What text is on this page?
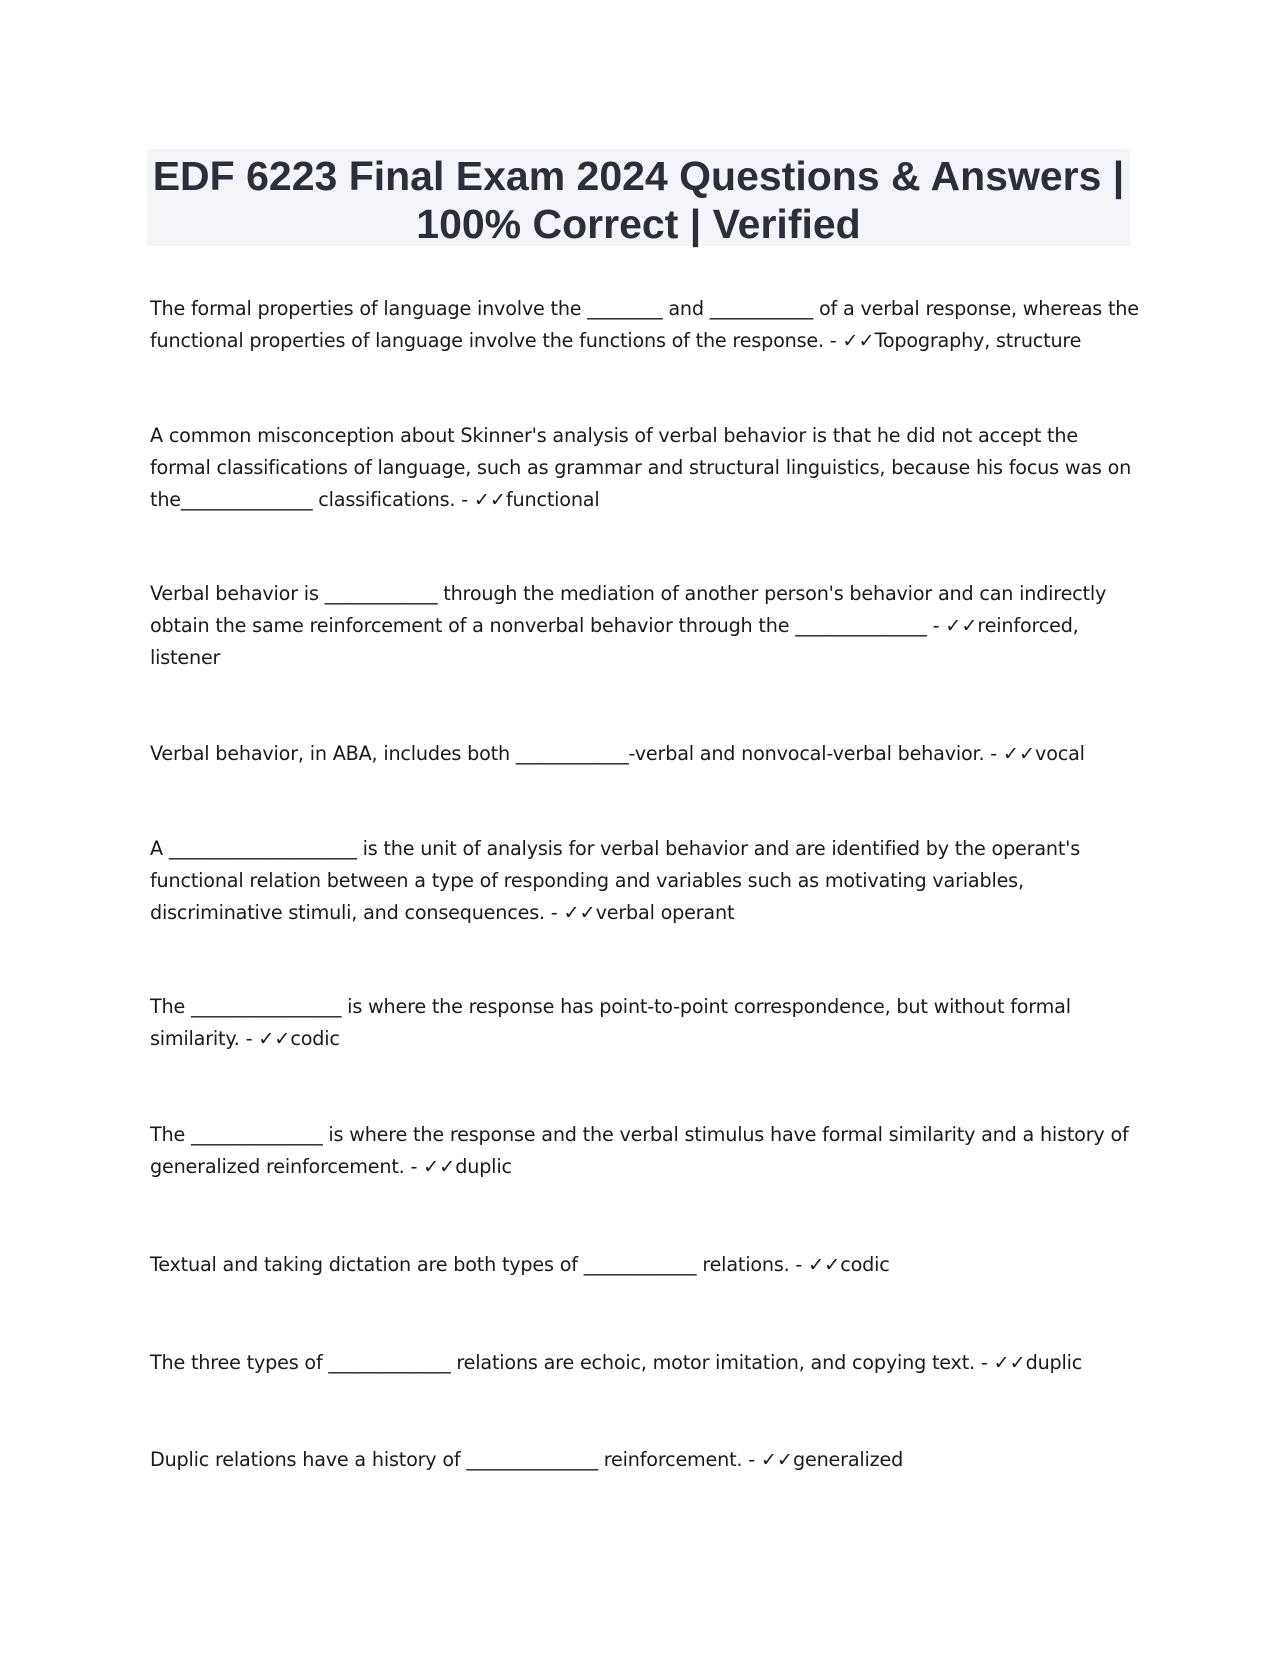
EDF 6223 Final Exam 2024 Questions & Answers | 100% Correct | Verified

The formal properties of language involve the ________ and ___________ of a verbal response, whereas the functional properties of language involve the functions of the response. - ✓✓Topography, structure

A common misconception about Skinner's analysis of verbal behavior is that he did not accept the formal classifications of language, such as grammar and structural linguistics, because his focus was on the______________ classifications. - ✓✓functional

Verbal behavior is ____________ through the mediation of another person's behavior and can indirectly obtain the same reinforcement of a nonverbal behavior through the ______________ - ✓✓reinforced, listener

Verbal behavior, in ABA, includes both ____________-verbal and nonvocal-verbal behavior. - ✓✓vocal

A ____________________ is the unit of analysis for verbal behavior and are identified by the operant's functional relation between a type of responding and variables such as motivating variables, discriminative stimuli, and consequences. - ✓✓verbal operant

The ________________ is where the response has point-to-point correspondence, but without formal similarity. - ✓✓codic

The ______________ is where the response and the verbal stimulus have formal similarity and a history of generalized reinforcement. - ✓✓duplic

Textual and taking dictation are both types of ____________ relations. - ✓✓codic

The three types of _____________ relations are echoic, motor imitation, and copying text. - ✓✓duplic

Duplic relations have a history of ______________ reinforcement. - ✓✓generalized
